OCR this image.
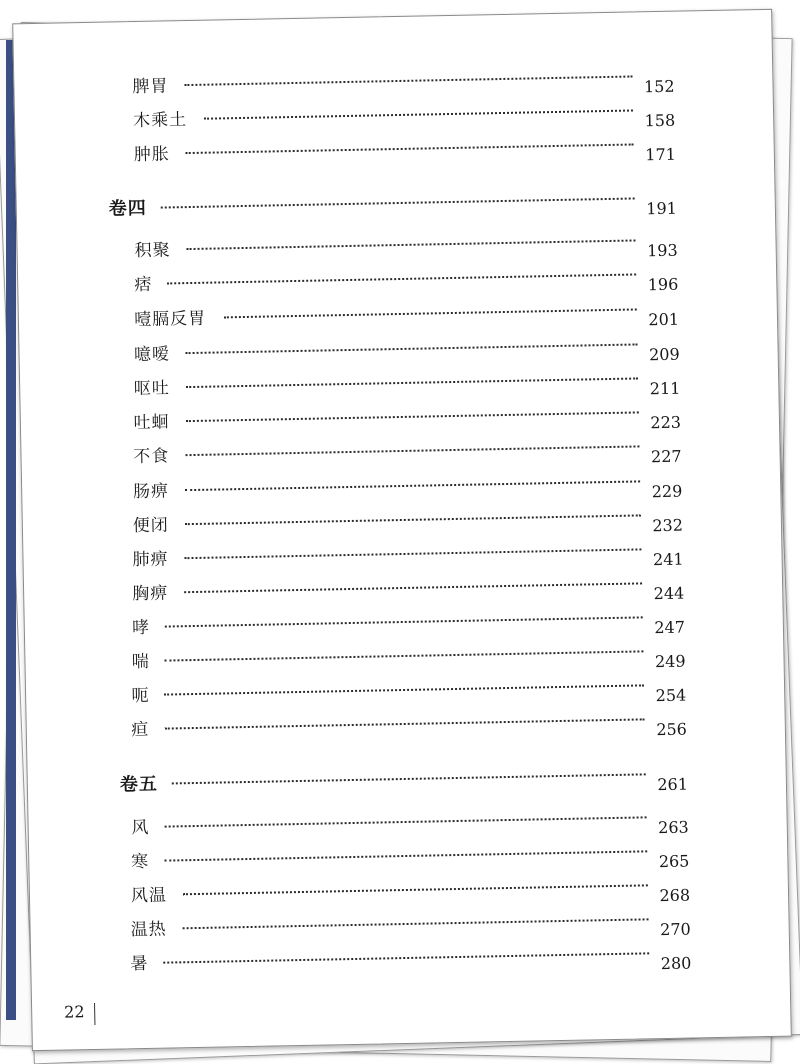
脾胃	152
木乘土	158
肿胀	171
卷四	191
积聚	193
痞	196
噎膈反胃	201
噫嗳	209
呕吐	211
吐蛔	223
不食	227
肠痹	229
便闭	232
肺痹	241
胸痹	244
哮	247
喘	249
呃	254
疸	256
卷五	261
风	263
寒	265
风温	268
温热	270
暑	280
22
